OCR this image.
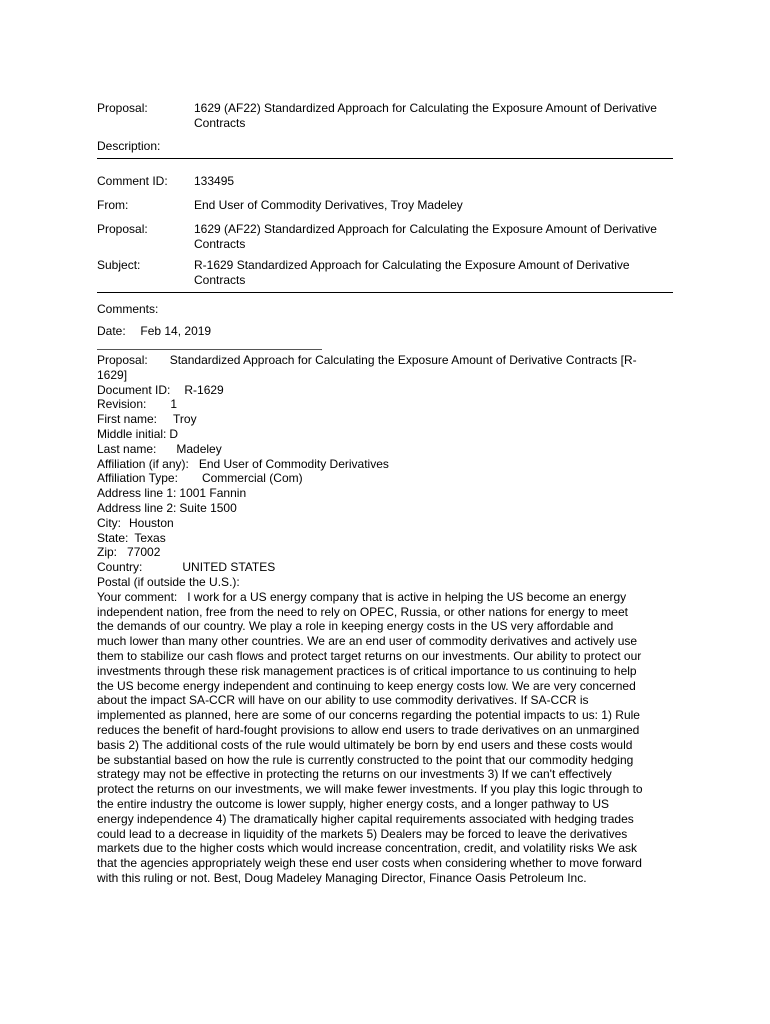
Proposal:	1629 (AF22) Standardized Approach for Calculating the Exposure Amount of Derivative Contracts
Description:
Comment ID: 133495
From:	End User of Commodity Derivatives, Troy Madeley
Proposal:	1629 (AF22) Standardized Approach for Calculating the Exposure Amount of Derivative Contracts
Subject:	R-1629 Standardized Approach for Calculating the Exposure Amount of Derivative Contracts
Comments:
Date: Feb 14, 2019
Proposal: Standardized Approach for Calculating the Exposure Amount of Derivative Contracts [R-
1629]
Document ID: R-1629
Revision: 1
First name: Troy
Middle initial: D
Last name: Madeley
Affiliation (if any): End User of Commodity Derivatives
Affiliation Type: Commercial (Com)
Address line 1: 1001 Fannin
Address line 2: Suite 1500
City: Houston
State: Texas
Zip: 77002
Country:	UNITED STATES
Postal (if outside the U.S.):
Your comment: I work for a US energy company that is active in helping the US become an energy
independent nation, free from the need to rely on OPEC, Russia, or other nations for energy to meet
the demands of our country. We play a role in keeping energy costs in the US very affordable and
much lower than many other countries. We are an end user of commodity derivatives and actively use
them to stabilize our cash flows and protect target returns on our investments. Our ability to protect our
investments through these risk management practices is of critical importance to us continuing to help
the US become energy independent and continuing to keep energy costs low. We are very concerned
about the impact SA-CCR will have on our ability to use commodity derivatives. If SA-CCR is
implemented as planned, here are some of our concerns regarding the potential impacts to us: 1) Rule
reduces the benefit of hard-fought provisions to allow end users to trade derivatives on an unmargined
basis 2) The additional costs of the rule would ultimately be born by end users and these costs would
be substantial based on how the rule is currently constructed to the point that our commodity hedging
strategy may not be effective in protecting the returns on our investments 3) If we can't effectively
protect the returns on our investments, we will make fewer investments. If you play this logic through to
the entire industry the outcome is lower supply, higher energy costs, and a longer pathway to US
energy independence 4) The dramatically higher capital requirements associated with hedging trades
could lead to a decrease in liquidity of the markets 5) Dealers may be forced to leave the derivatives
markets due to the higher costs which would increase concentration, credit, and volatility risks We ask
that the agencies appropriately weigh these end user costs when considering whether to move forward
with this ruling or not. Best, Doug Madeley Managing Director, Finance Oasis Petroleum Inc.
